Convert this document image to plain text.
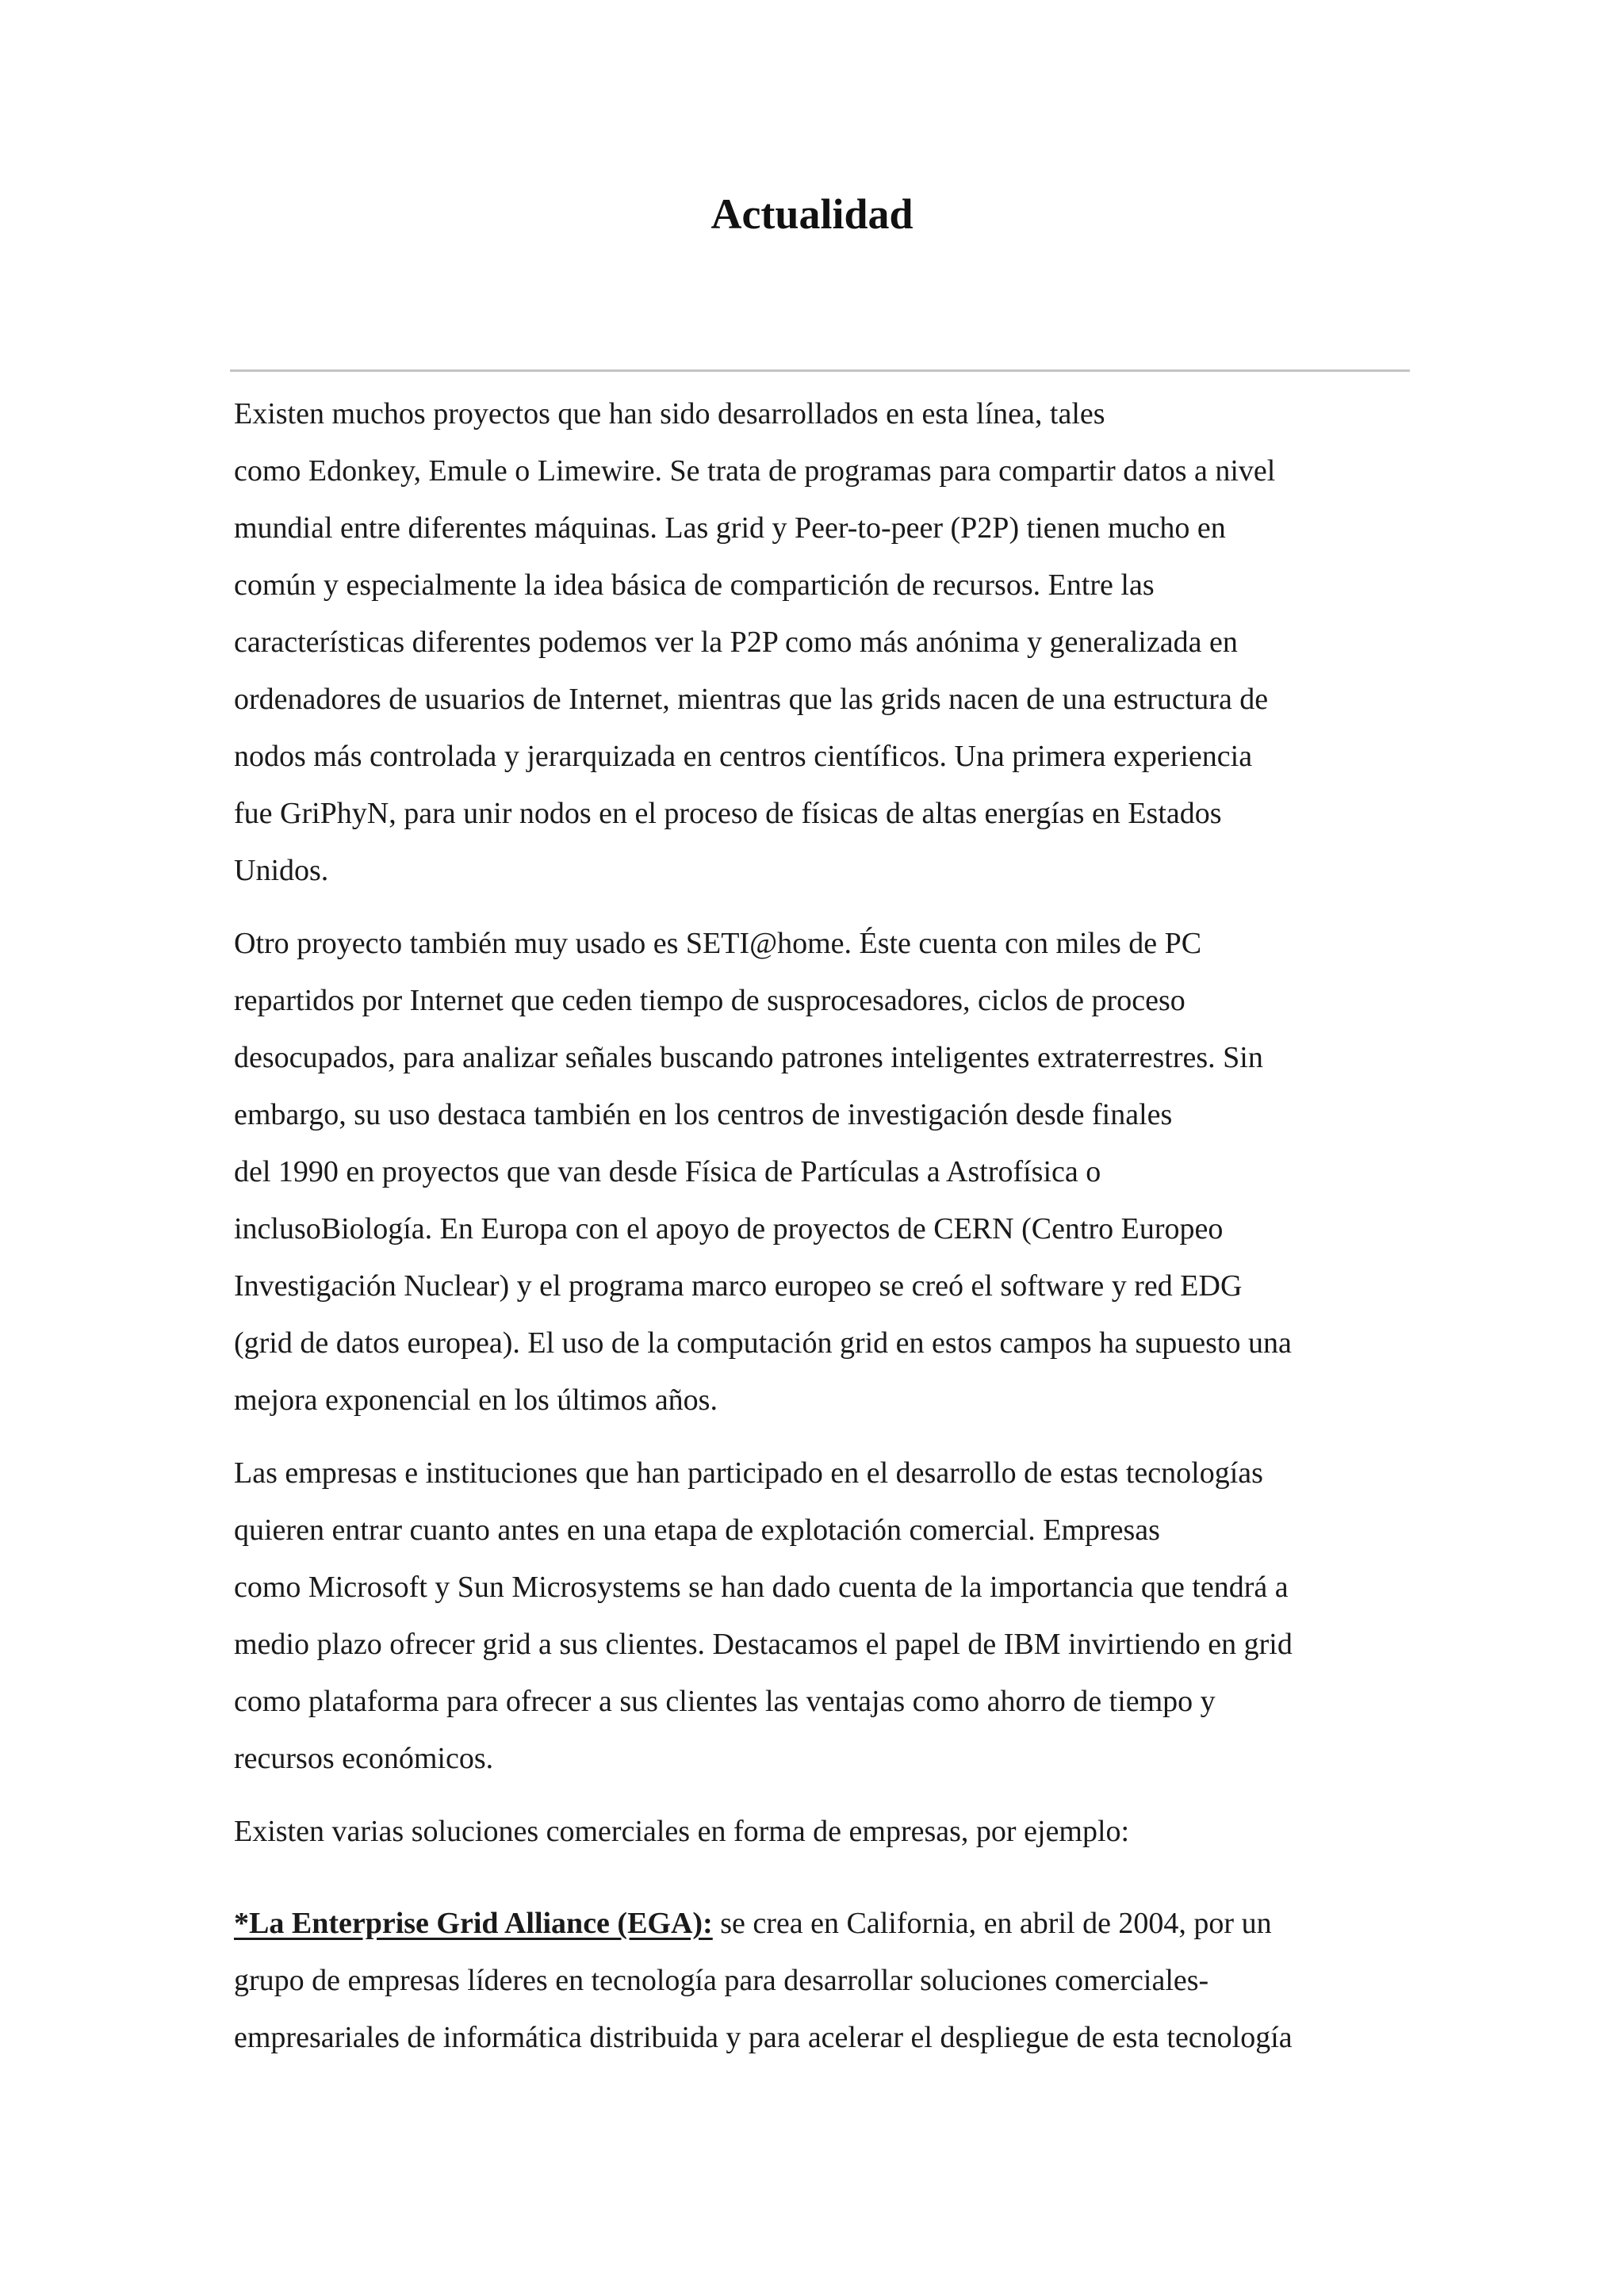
Actualidad

Existen muchos proyectos que han sido desarrollados en esta línea, tales
como Edonkey, Emule o Limewire. Se trata de programas para compartir datos a nivel
mundial entre diferentes máquinas. Las grid y Peer-to-peer (P2P) tienen mucho en
común y especialmente la idea básica de compartición de recursos. Entre las
características diferentes podemos ver la P2P como más anónima y generalizada en
ordenadores de usuarios de Internet, mientras que las grids nacen de una estructura de
nodos más controlada y jerarquizada en centros científicos. Una primera experiencia
fue GriPhyN, para unir nodos en el proceso de físicas de altas energías en Estados
Unidos.

Otro proyecto también muy usado es SETI@home. Éste cuenta con miles de PC
repartidos por Internet que ceden tiempo de susprocesadores, ciclos de proceso
desocupados, para analizar señales buscando patrones inteligentes extraterrestres. Sin
embargo, su uso destaca también en los centros de investigación desde finales
del 1990 en proyectos que van desde Física de Partículas a Astrofísica o
inclusoBiología. En Europa con el apoyo de proyectos de CERN (Centro Europeo
Investigación Nuclear) y el programa marco europeo se creó el software y red EDG
(grid de datos europea). El uso de la computación grid en estos campos ha supuesto una
mejora exponencial en los últimos años.

Las empresas e instituciones que han participado en el desarrollo de estas tecnologías
quieren entrar cuanto antes en una etapa de explotación comercial. Empresas
como Microsoft y Sun Microsystems se han dado cuenta de la importancia que tendrá a
medio plazo ofrecer grid a sus clientes. Destacamos el papel de IBM invirtiendo en grid
como plataforma para ofrecer a sus clientes las ventajas como ahorro de tiempo y
recursos económicos.

Existen varias soluciones comerciales en forma de empresas, por ejemplo:

*La Enterprise Grid Alliance (EGA): se crea en California, en abril de 2004, por un
grupo de empresas líderes en tecnología para desarrollar soluciones comerciales-
empresariales de informática distribuida y para acelerar el despliegue de esta tecnología
